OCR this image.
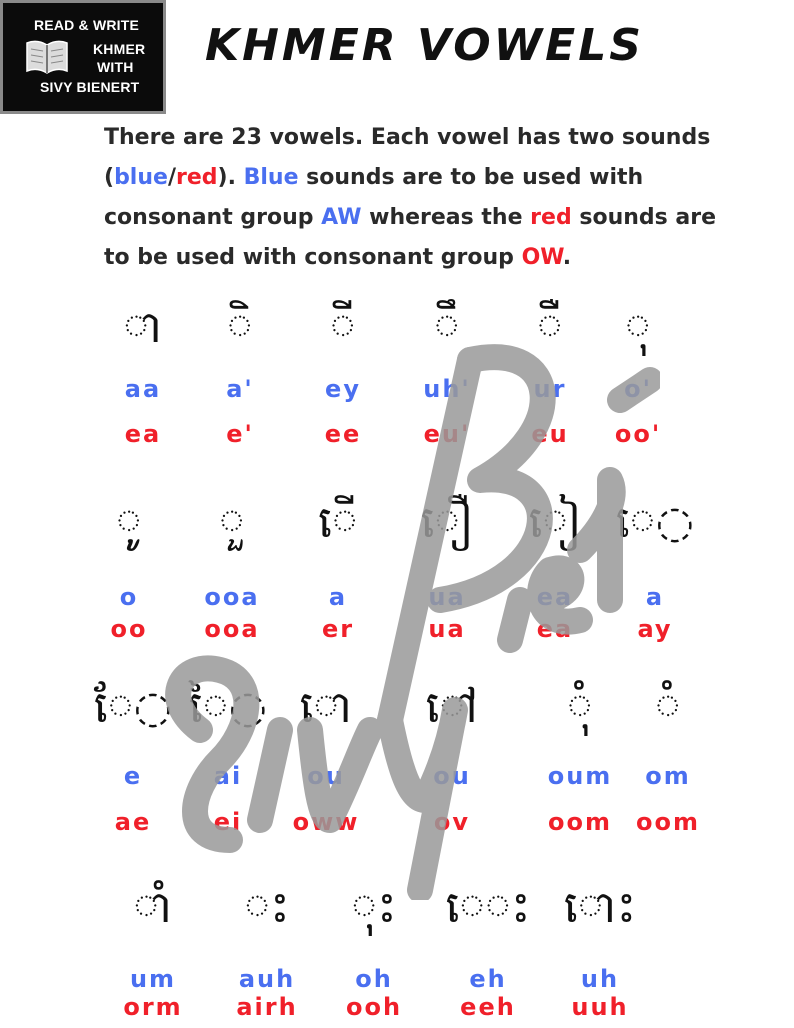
READ & WRITE
KHMER
WITH
SIVY BIENERT
KHMER VOWELS
There are 23 vowels. Each vowel has two sounds (blue/red). Blue sounds are to be used with consonant group AW whereas the red sounds are to be used with consonant group OW.
◌ា
aa
ea
◌ិ
a'
e'
◌ី
ey
ee
◌ឹ
uh'
eu'
◌ឺ
ur
eu
◌ុ
o'
oo'
◌ូ
o
oo
◌ួ
ooa
ooa
◌ើ
a
er
◌ឿ
ua
ua
◌ៀ
ea
ea
េ◌
a
ay
ែ◌
e
ae
ៃ◌
ai
ei
◌ោ
ou
oww
◌ៅ
ou
ov
◌ុំ
oum
oom
◌ំ
om
oom
◌ាំ
um
orm
◌ះ
auh
airh
◌ុះ
oh
ooh
េ◌ះ
eh
eeh
◌ោះ
uh
uuh
